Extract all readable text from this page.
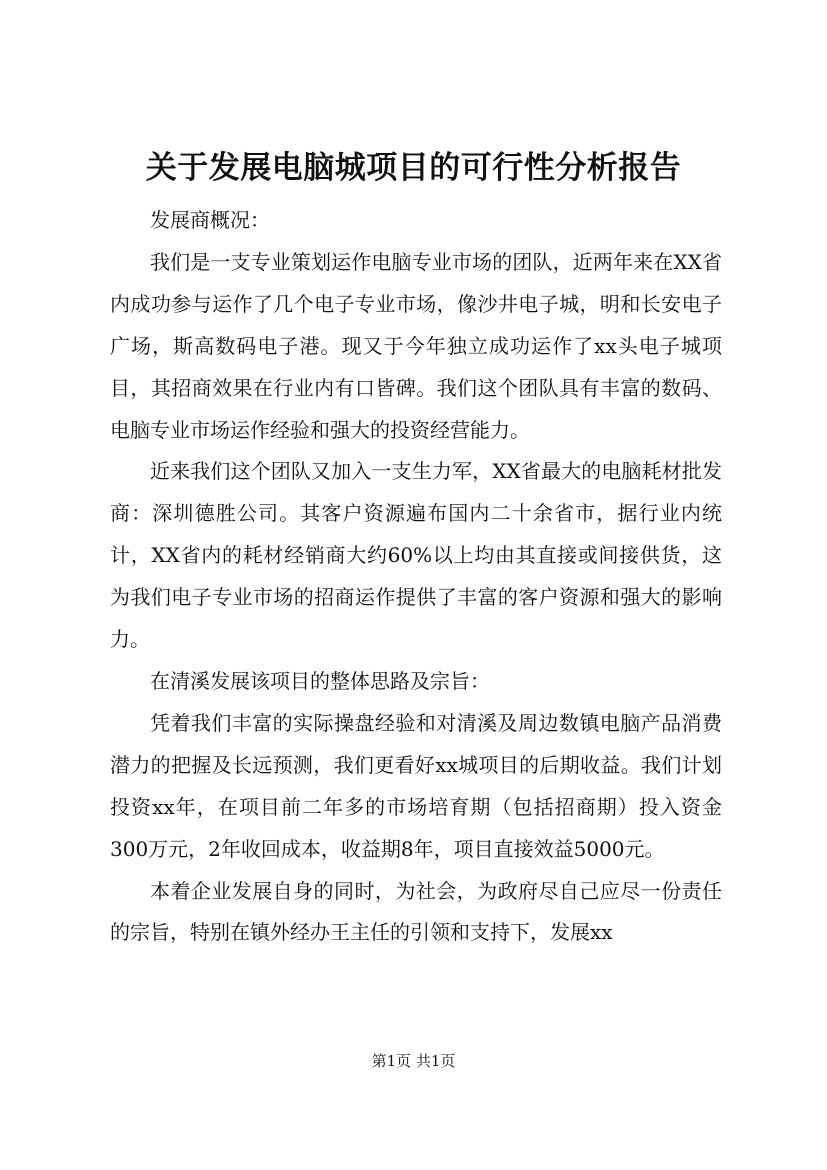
关于发展电脑城项目的可行性分析报告

发展商概况：

我们是一支专业策划运作电脑专业市场的团队，近两年来在XX省内成功参与运作了几个电子专业市场，像沙井电子城，明和长安电子广场，斯高数码电子港。现又于今年独立成功运作了xx头电子城项目，其招商效果在行业内有口皆碑。我们这个团队具有丰富的数码、电脑专业市场运作经验和强大的投资经营能力。

近来我们这个团队又加入一支生力军，XX省最大的电脑耗材批发商：深圳德胜公司。其客户资源遍布国内二十余省市，据行业内统计，XX省内的耗材经销商大约60%以上均由其直接或间接供货，这为我们电子专业市场的招商运作提供了丰富的客户资源和强大的影响力。

在清溪发展该项目的整体思路及宗旨：

凭着我们丰富的实际操盘经验和对清溪及周边数镇电脑产品消费潜力的把握及长远预测，我们更看好xx城项目的后期收益。我们计划投资xx年，在项目前二年多的市场培育期（包括招商期）投入资金300万元，2年收回成本，收益期8年，项目直接效益5000元。

本着企业发展自身的同时，为社会，为政府尽自己应尽一份责任的宗旨，特别在镇外经办王主任的引领和支持下，发展xx

第1页 共1页
